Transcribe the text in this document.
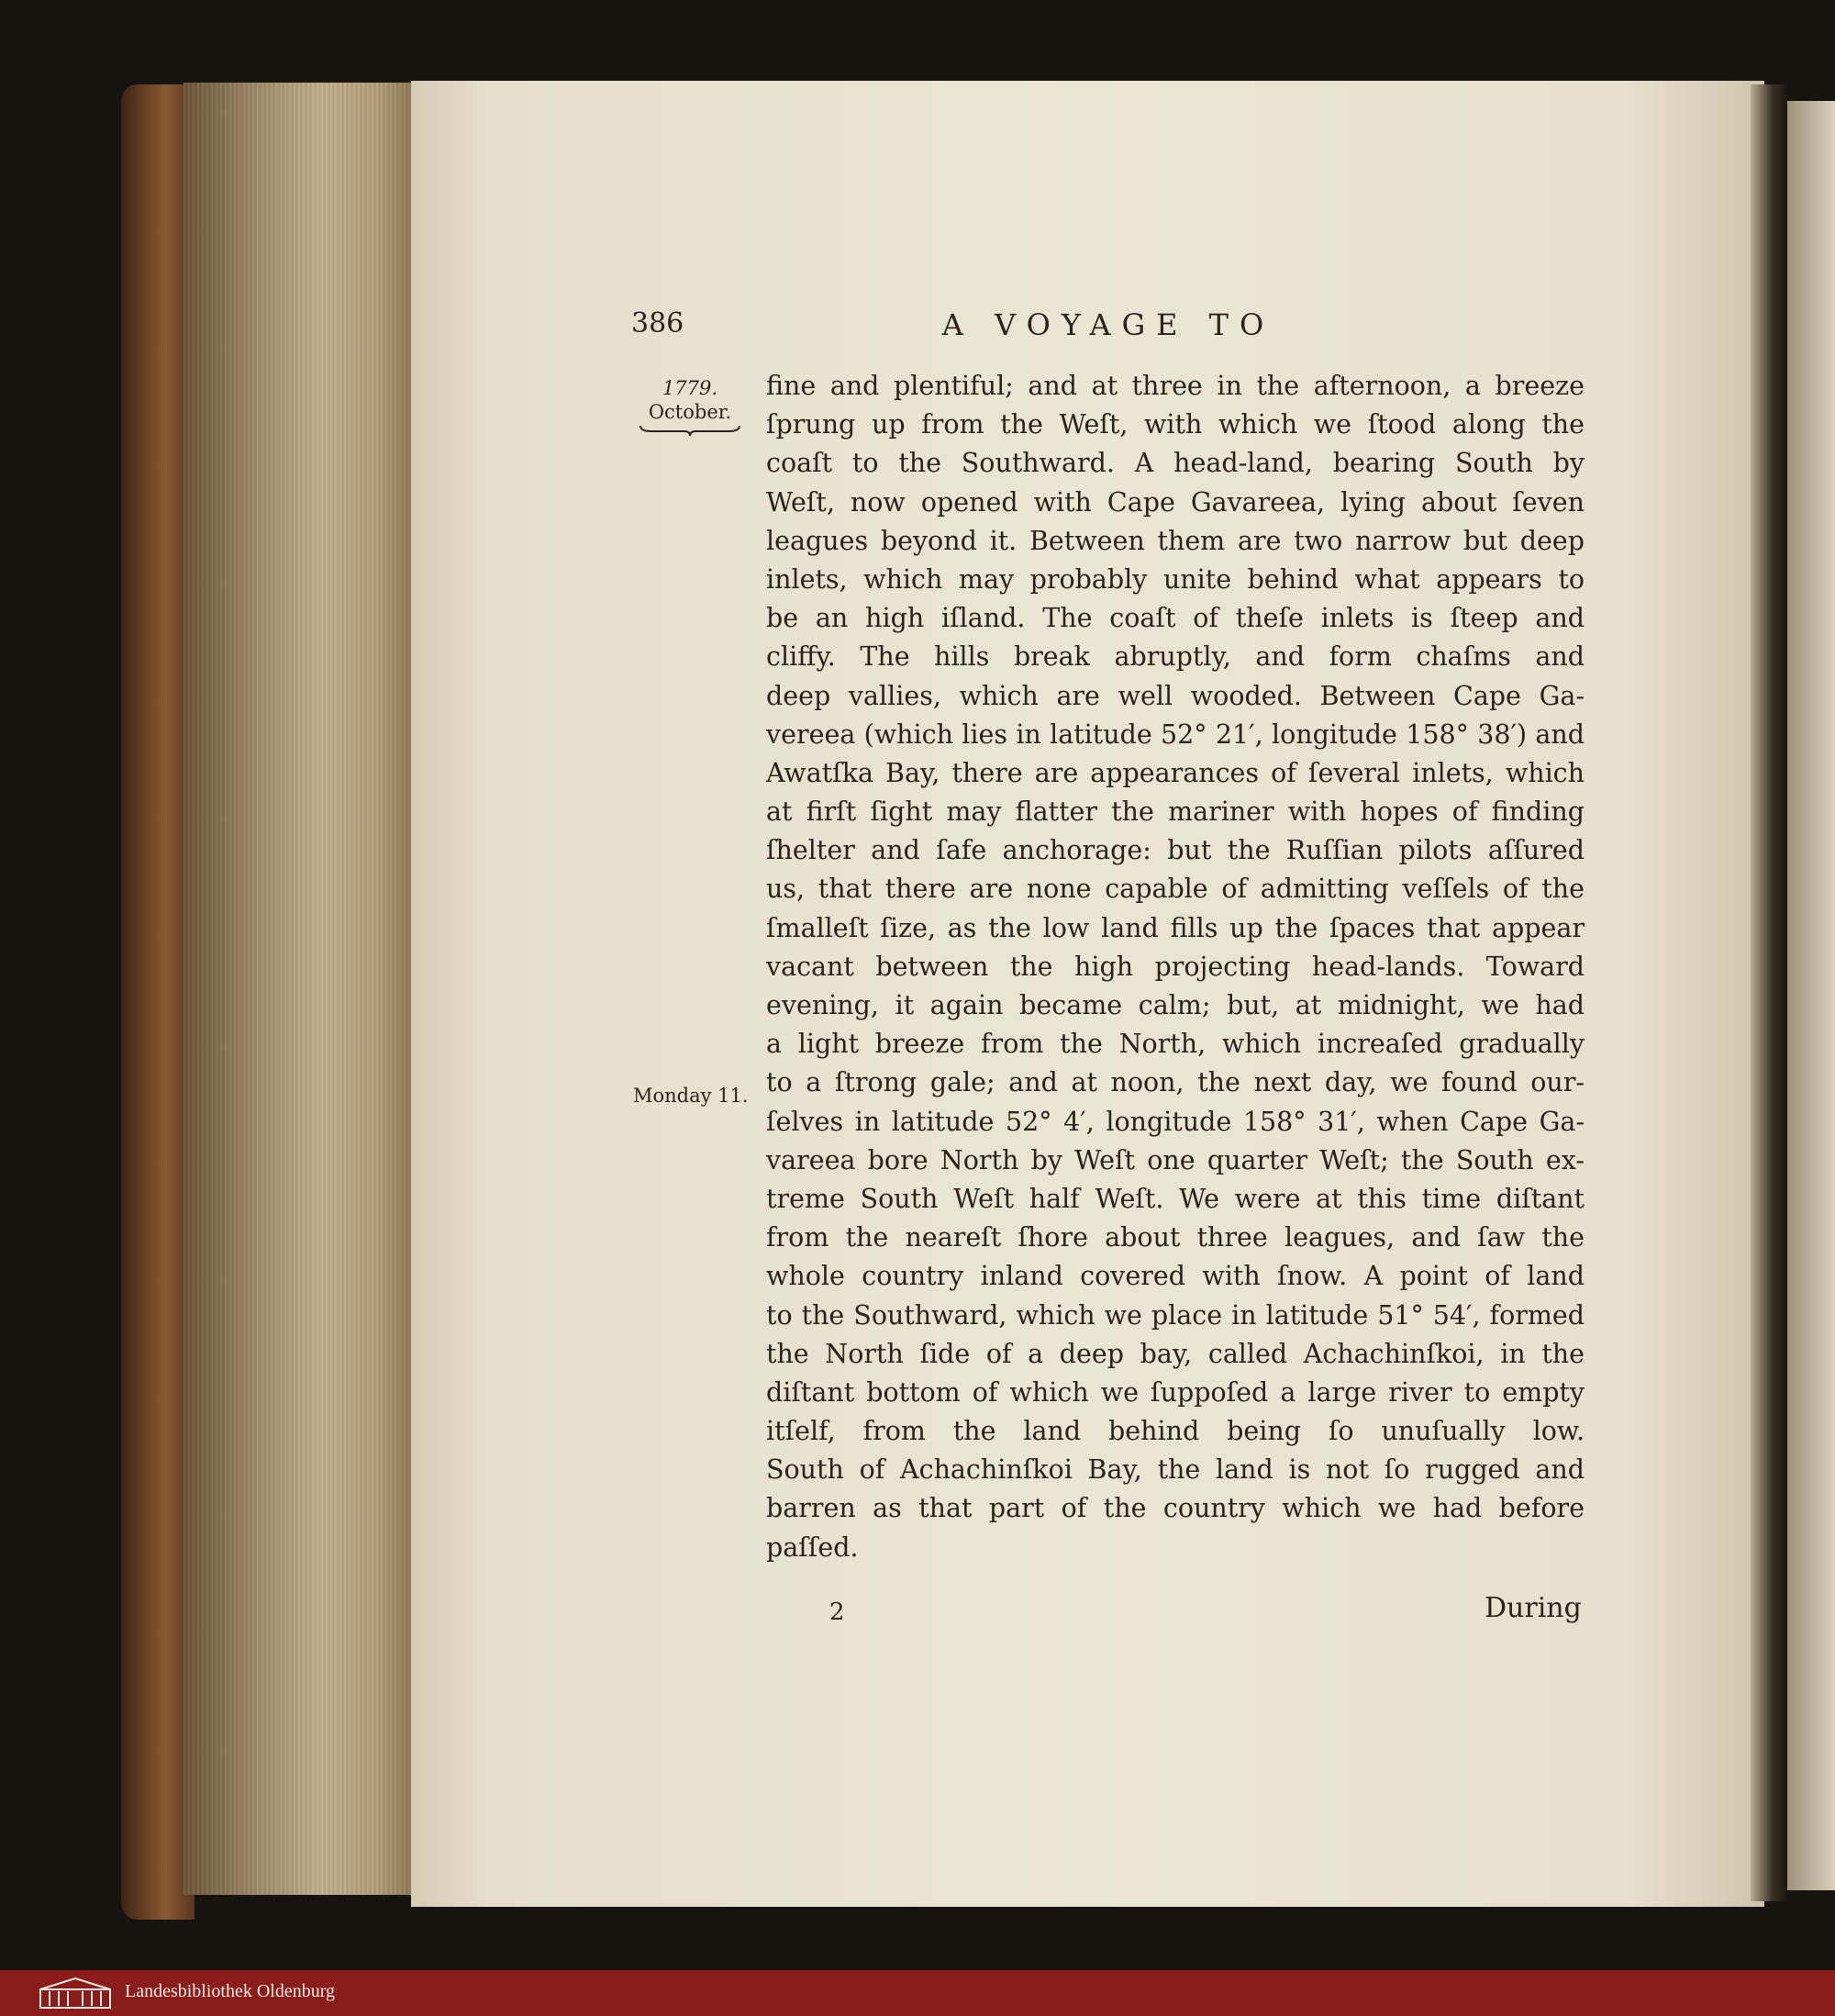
386	A VOYAGE TO
1779.
October.
Monday 11.
fine and plentiful; and at three in the afternoon, a breeze
ſprung up from the Weſt, with which we ſtood along the
coaſt to the Southward. A head-land, bearing South by
Weſt, now opened with Cape Gavareea, lying about ſeven
leagues beyond it. Between them are two narrow but deep
inlets, which may probably unite behind what appears to
be an high iſland. The coaſt of theſe inlets is ſteep and
cliffy. The hills break abruptly, and form chaſms and
deep vallies, which are well wooded. Between Cape Ga-
vereea (which lies in latitude 52° 21′, longitude 158° 38′) and
Awatſka Bay, there are appearances of ſeveral inlets, which
at firſt ſight may flatter the mariner with hopes of finding
ſhelter and ſafe anchorage: but the Ruſſian pilots aſſured
us, that there are none capable of admitting veſſels of the
ſmalleſt ſize, as the low land fills up the ſpaces that appear
vacant between the high projecting head-lands. Toward
evening, it again became calm; but, at midnight, we had
a light breeze from the North, which increaſed gradually
to a ſtrong gale; and at noon, the next day, we found our-
ſelves in latitude 52° 4′, longitude 158° 31′, when Cape Ga-
vareea bore North by Weſt one quarter Weſt; the South ex-
treme South Weſt half Weſt. We were at this time diſtant
from the neareſt ſhore about three leagues, and ſaw the
whole country inland covered with ſnow. A point of land
to the Southward, which we place in latitude 51° 54′, formed
the North ſide of a deep bay, called Achachinſkoi, in the
diſtant bottom of which we ſuppoſed a large river to empty
itſelf, from the land behind being ſo unuſually low.
South of Achachinſkoi Bay, the land is not ſo rugged and
barren as that part of the country which we had before
paſſed.
2	During
Landesbibliothek Oldenburg
